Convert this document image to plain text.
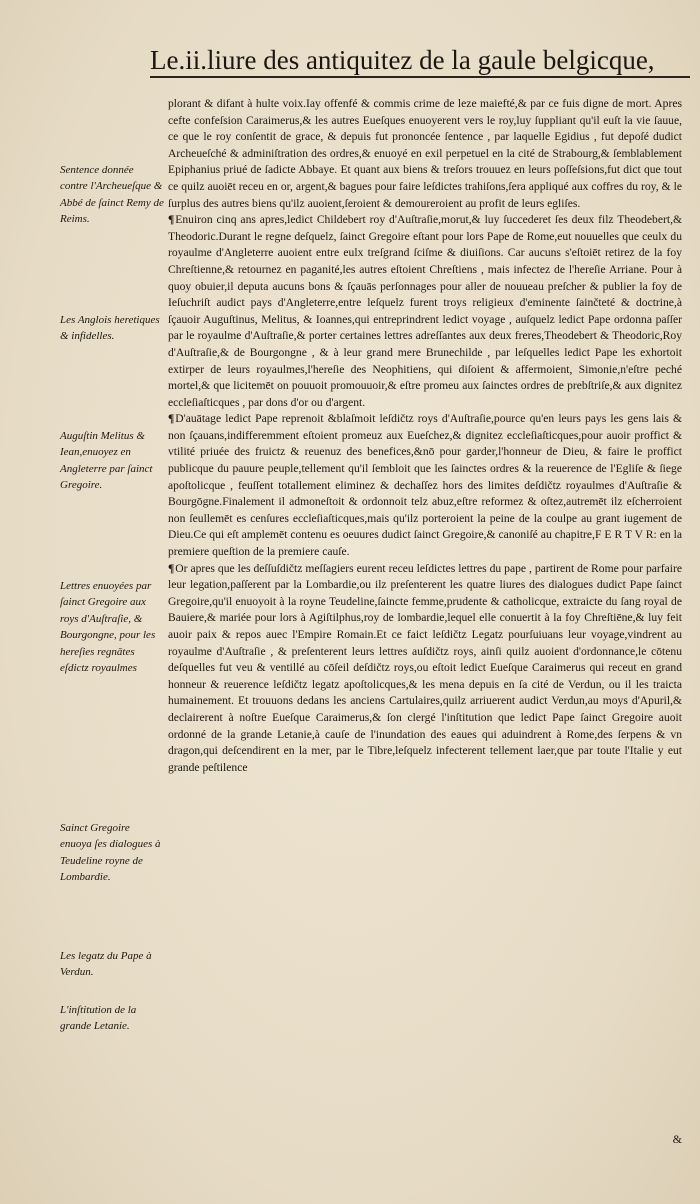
Le.ii.liure des antiquitez de la gaule belgicque,

plorant & difant à hulte voix.Iay offenfé & commis crime de leze maiefté,& par ce fuis digne de mort. Apres cefte confeſsion Caraimerus,& les autres Eueſques enuoyerent vers le roy,luy ſuppliant qu'il euſt la vie ſauue, ce que le roy conſentit de grace, & depuis fut prononcée ſentence , par laquelle Egidius , fut depoſé dudict Archeueſché & adminiſtration des ordres,& enuoyé en exil perpetuel en la cité de Strabourg,& ſemblablement Epiphanius priué de ſadicte Abbaye. Et quant aux biens & treſors trouuez en leurs poſſeſsions,fut dict que tout ce quilz auoiēt receu en or, argent,& bagues pour faire leſdictes trahiſons,ſera appliqué aux coffres du roy, & le ſurplus des autres biens qu'ilz auoient,ſeroient & demoureroient au profit de leurs egliſes.

¶Enuiron cinq ans apres,ledict Childebert roy d'Auſtraſie,morut,& luy ſuccederet ſes deux filz Theodebert,& Theodoric.Durant le regne deſquelz, ſainct Gregoire eſtant pour lors Pape de Rome,eut nouuelles que ceulx du royaulme d'Angleterre auoient entre eulx treſgrand ſciſme & diuiſions. Car aucuns s'eſtoiēt retirez de la foy Chreſtienne,& retournez en paganité,les autres eſtoient Chreſtiens , mais infectez de l'hereſie Arriane. Pour à quoy obuier,il deputa aucuns bons & ſçauās perſonnages pour aller de nouueau preſcher & publier la foy de Ieſuchriſt audict pays d'Angleterre,entre leſquelz furent troys religieux d'eminente ſainčteté & doctrine,à ſçauoir Auguſtinus, Melitus, & Ioannes,qui entreprindrent ledict voyage , auſquelz ledict Pape ordonna paſſer par le royaulme d'Auſtraſie,& porter certaines lettres adreſſantes aux deux freres,Theodebert & Theodoric,Roy d'Auſtraſie,& de Bourgongne , & à leur grand mere Brunechilde , par leſquelles ledict Pape les exhortoit extirper de leurs royaulmes,l'hereſie des Neophitiens, qui diſoient & affermoient, Simonie,n'eſtre peché mortel,& que licitemēt on pouuoit promouuoir,& eſtre promeu aux ſainctes ordres de prebſtriſe,& aux dignitez eccleſiaſticques , par dons d'or ou d'argent.

¶D'auātage ledict Pape reprenoit &blaſmoit leſdičtz roys d'Auſtraſie,pource qu'en leurs pays les gens lais & non ſçauans,indifferemment eſtoient promeuz aux Eueſchez,& dignitez eccleſiaſticques,pour auoir proffict & vtilité priuée des fruictz & reuenuz des benefices,&nō pour garder,l'honneur de Dieu, & faire le proffict publicque du pauure peuple,tellement qu'il ſembloit que les ſainctes ordres & la reuerence de l'Egliſe & ſiege apoſtolicque , feuſſent totallement eliminez & dechaſſez hors des limites deſdičtz royaulmes d'Auſtraſie & Bourgōgne.Finalement il admoneſtoit & ordonnoit telz abuz,eſtre reformez & oſtez,autremēt ilz eſcherroient non ſeullemēt es cenſures eccleſiaſticques,mais qu'ilz porteroient la peine de la coulpe au grant iugement de Dieu.Ce qui eſt amplemēt contenu es oeuures dudict ſainct Gregoire,& canoniſé au chapitre,F E R T V R: en la premiere queſtion de la premiere cauſe.

¶Or apres que les deſſuſdičtz meſſagiers eurent receu leſdictes lettres du pape , partirent de Rome pour parfaire leur legation,paſſerent par la Lombardie,ou ilz preſenterent les quatre liures des dialogues dudict Pape ſainct Gregoire,qu'il enuoyoit à la royne Teudeline,ſaincte femme,prudente & catholicque, extraicte du ſang royal de Bauiere,& mariée pour lors à Agiſtilphus,roy de lombardie,lequel elle conuertit à la foy Chreſtiēne,& luy feit auoir paix & repos auec l'Empire Romain.Et ce faict leſdičtz Legatz pourſuiuans leur voyage,vindrent au royaulme d'Auſtraſie , & preſenterent leurs lettres auſdičtz roys, ainſi quilz auoient d'ordonnance,le cōtenu deſquelles fut veu & ventillé au cōſeil deſdičtz roys,ou eſtoit ledict Eueſque Caraimerus qui receut en grand honneur & reuerence leſdičtz legatz apoſtolicques,& les mena depuis en ſa cité de Verdun, ou il les traicta humainement. Et trouuons dedans les anciens Cartulaires,quilz arriuerent audict Verdun,au moys d'Apuril,& declairerent à noſtre Eueſque Caraimerus,& ſon clergé l'inſtitution que ledict Pape ſainct Gregoire auoit ordonné de la grande Letanie,à cauſe de l'inundation des eaues qui aduindrent à Rome,des ſerpens & vn dragon,qui deſcendirent en la mer, par le Tibre,leſquelz infecterent tellement laer,que par toute l'Italie y eut grande peſtilence

Sentence donnée contre l'Archeueſque & Abbé de ſainct Remy de Reims.
Les Anglois heretiques & infidelles.
Auguſtin Melitus & Iean,enuoyez en Angleterre par ſainct Gregoire.
Lettres enuoyées par ſainct Gregoire aux roys d'Auſtraſie, & Bourgongne, pour les hereſies regnātes eſdictz royaulmes
Sainct Gregoire enuoya ſes dialogues à Teudeline royne de Lombardie.
Les legatz du Pape à Verdun.
L'inſtitution de la grande Letanie.
&
